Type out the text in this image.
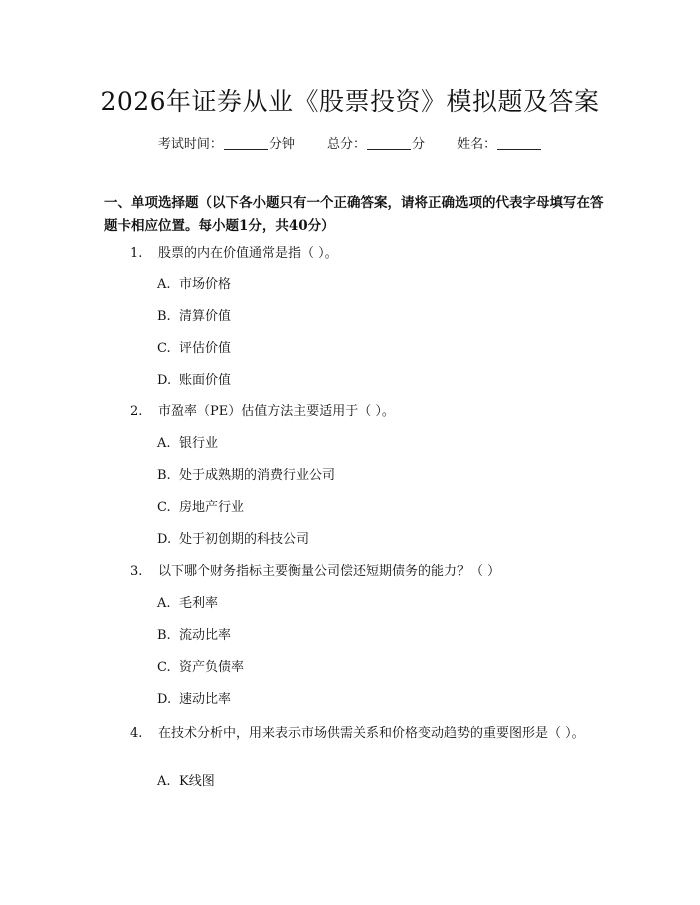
2026年证券从业《股票投资》模拟题及答案
考试时间：	分钟 总分：	分 姓名：
一、单项选择题（以下各小题只有一个正确答案，请将正确选项的代表字母填写在答题卡相应位置。每小题1分，共40分）
1. 股票的内在价值通常是指（ ）。
A. 市场价格
B. 清算价值
C. 评估价值
D. 账面价值
2. 市盈率（PE）估值方法主要适用于（ ）。
A. 银行业
B. 处于成熟期的消费行业公司
C. 房地产行业
D. 处于初创期的科技公司
3. 以下哪个财务指标主要衡量公司偿还短期债务的能力？（ ）
A. 毛利率
B. 流动比率
C. 资产负债率
D. 速动比率
4. 在技术分析中，用来表示市场供需关系和价格变动趋势的重要图形是（ ）。
A. K线图
